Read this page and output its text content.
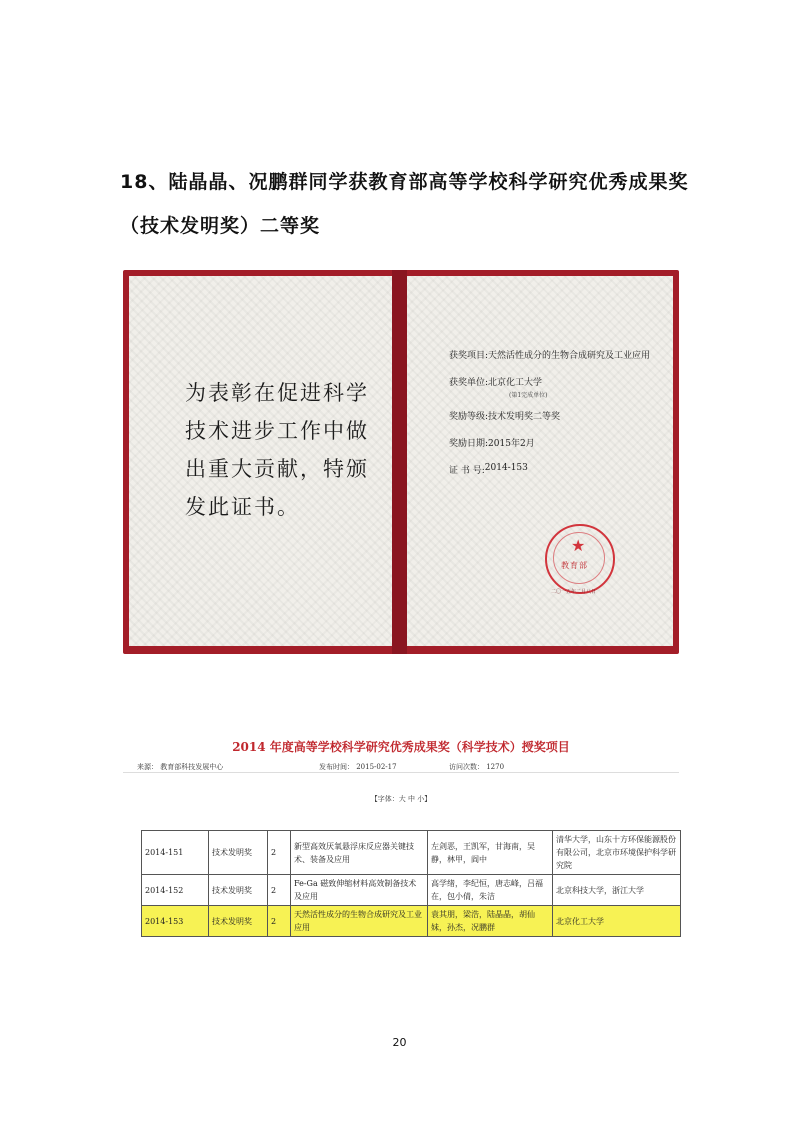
18、陆晶晶、况鹏群同学获教育部高等学校科学研究优秀成果奖（技术发明奖）二等奖
为表彰在促进科学技术进步工作中做出重大贡献，特颁发此证书。
获奖项目: 天然活性成分的生物合成研究及工业应用
获奖单位: 北京化工大学
(第1完成单位)
奖励等级: 技术发明奖二等奖
奖励日期: 2015年2月
证 书 号: 2014-153
★
教育部
二〇一五年二月八日
2014 年度高等学校科学研究优秀成果奖（科学技术）授奖项目
来源： 教育部科技发展中心	发布时间： 2015-02-17	访问次数： 1270
【字体：大 中 小】
2014-151	技术发明奖	2	新型高效厌氧悬浮床反应器关键技术、装备及应用	左剑恶，王凯军，甘海南，吴静，林甲，阎中	清华大学，山东十方环保能源股份有限公司，北京市环境保护科学研究院
2014-152	技术发明奖	2	Fe-Ga 磁致伸缩材料高效制备技术及应用	高学绪，李纪恒，唐志峰，吕福在，包小倩，朱洁	北京科技大学，浙江大学
2014-153	技术发明奖	2	天然活性成分的生物合成研究及工业应用	袁其朋，梁浩，陆晶晶，胡仙妹，孙杰，况鹏群	北京化工大学
20
